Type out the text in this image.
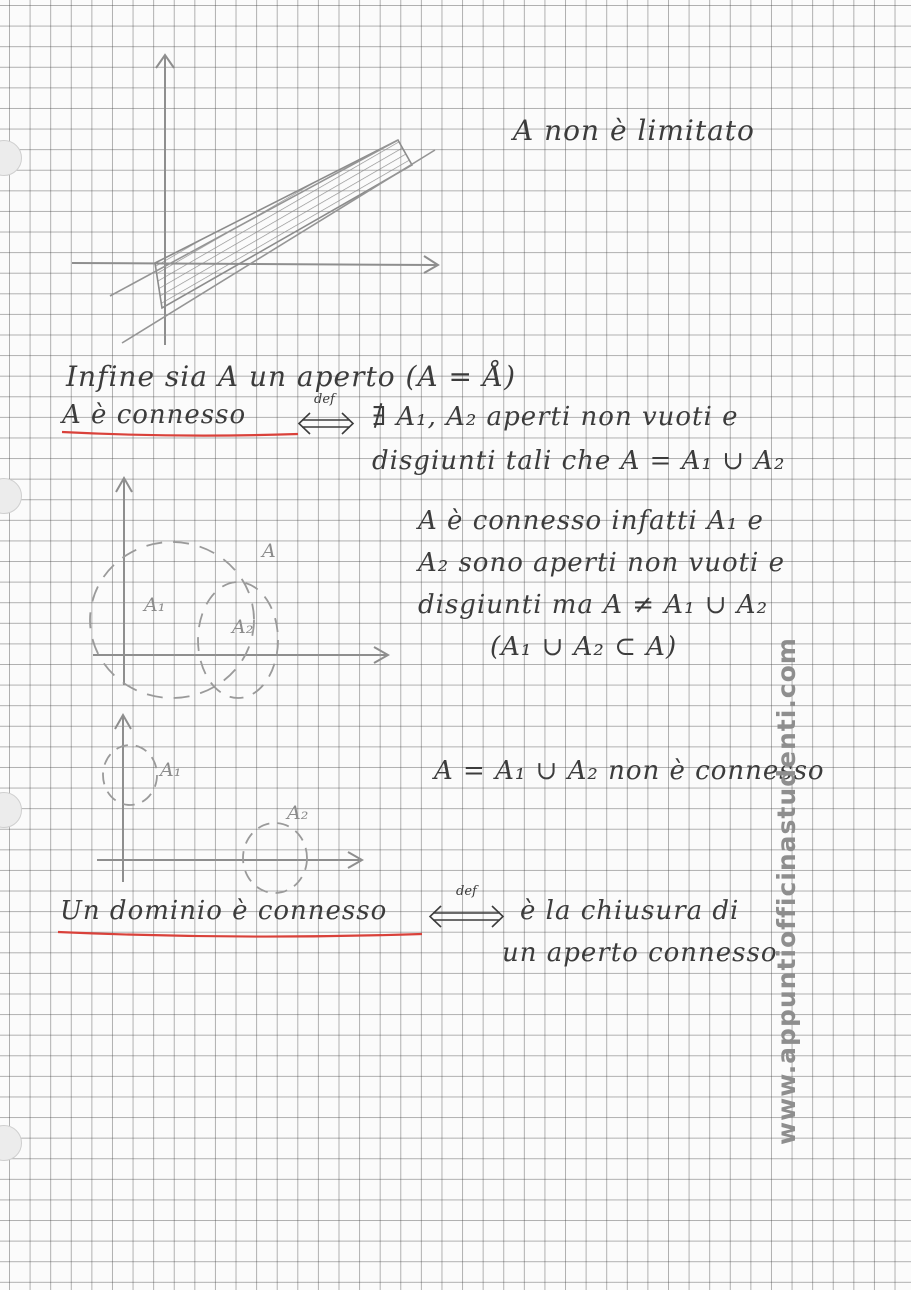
A
A₁
A₂
A₁
A₂

A non è limitato

Infine sia A un aperto (A = Å)

A è connesso

def

∄ A₁, A₂ aperti non vuoti e

disgiunti tali che A = A₁ ∪ A₂

A è connesso infatti A₁ e

A₂ sono aperti non vuoti e

disgiunti ma A ≠ A₁ ∪ A₂

(A₁ ∪ A₂ ⊂ A)

A = A₁ ∪ A₂ non è connesso

Un dominio è connesso

def

è la chiusura di

un aperto connesso

www.appuntiofficinastudenti.com
